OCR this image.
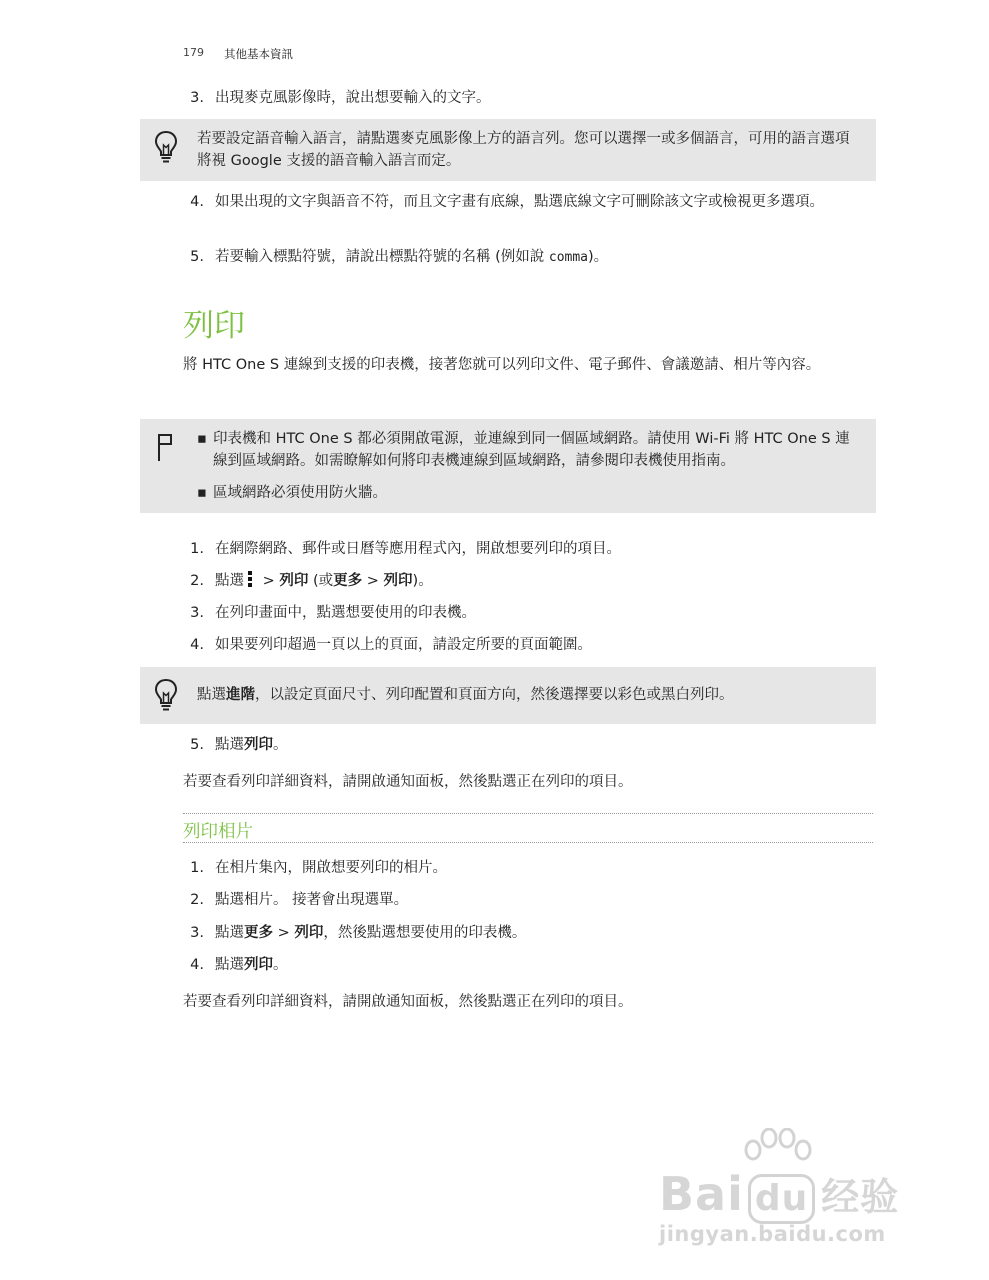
179 其他基本資訊
3. 出現麥克風影像時，說出想要輸入的文字。
若要設定語音輸入語言，請點選麥克風影像上方的語言列。您可以選擇一或多個語言，可用的語言選項將視 Google 支援的語音輸入語言而定。
4. 如果出現的文字與語音不符，而且文字畫有底線，點選底線文字可刪除該文字或檢視更多選項。
5. 若要輸入標點符號，請說出標點符號的名稱 (例如說 comma)。
列印
將 HTC One S 連線到支援的印表機，接著您就可以列印文件、電子郵件、會議邀請、相片等內容。
▪ 印表機和 HTC One S 都必須開啟電源，並連線到同一個區域網路。請使用 Wi-Fi 將 HTC One S 連線到區域網路。如需瞭解如何將印表機連線到區域網路，請參閱印表機使用指南。
▪ 區域網路必須使用防火牆。
1. 在網際網路、郵件或日曆等應用程式內，開啟想要列印的項目。
2. 點選 > 列印 (或更多 > 列印)。
3. 在列印畫面中，點選想要使用的印表機。
4. 如果要列印超過一頁以上的頁面，請設定所要的頁面範圍。
點選進階，以設定頁面尺寸、列印配置和頁面方向，然後選擇要以彩色或黑白列印。
5. 點選列印。
若要查看列印詳細資料，請開啟通知面板，然後點選正在列印的項目。
列印相片
1. 在相片集內，開啟想要列印的相片。
2. 點選相片。 接著會出現選單。
3. 點選更多 > 列印，然後點選想要使用的印表機。
4. 點選列印。
若要查看列印詳細資料，請開啟通知面板，然後點選正在列印的項目。
Bai du 经验
jingyan.baidu.com
